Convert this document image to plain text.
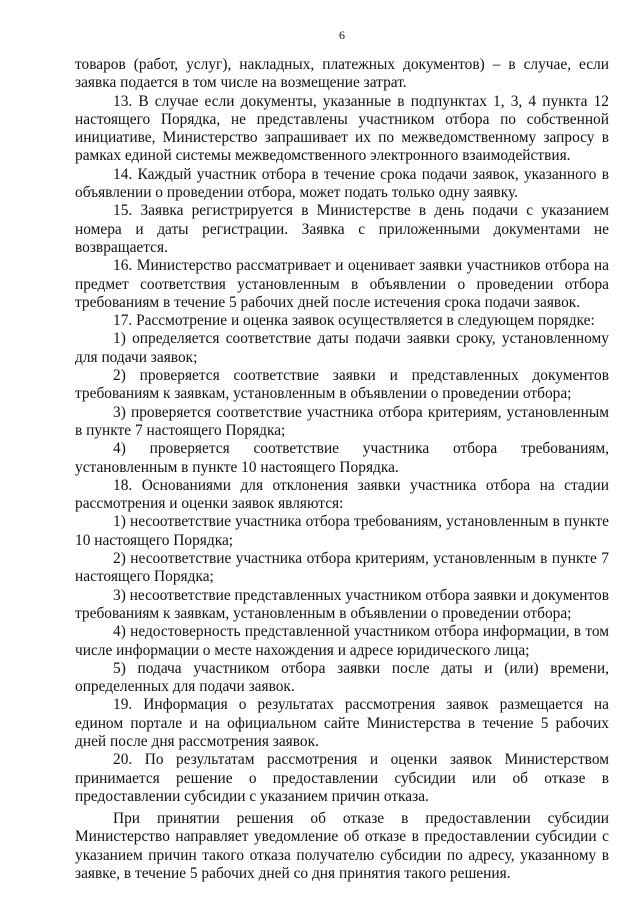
6

товаров (работ, услуг), накладных, платежных документов) – в случае, если заявка подается в том числе на возмещение затрат.

13. В случае если документы, указанные в подпунктах 1, 3, 4 пункта 12 настоящего Порядка, не представлены участником отбора по собственной инициативе, Министерство запрашивает их по межведомственному запросу в рамках единой системы межведомственного электронного взаимодействия.

14. Каждый участник отбора в течение срока подачи заявок, указанного в объявлении о проведении отбора, может подать только одну заявку.

15. Заявка регистрируется в Министерстве в день подачи с указанием номера и даты регистрации. Заявка с приложенными документами не возвращается.

16. Министерство рассматривает и оценивает заявки участников отбора на предмет соответствия установленным в объявлении о проведении отбора требованиям в течение 5 рабочих дней после истечения срока подачи заявок.

17. Рассмотрение и оценка заявок осуществляется в следующем порядке:

1) определяется соответствие даты подачи заявки сроку, установленному для подачи заявок;

2) проверяется соответствие заявки и представленных документов требованиям к заявкам, установленным в объявлении о проведении отбора;

3) проверяется соответствие участника отбора критериям, установленным в пункте 7 настоящего Порядка;

4) проверяется соответствие участника отбора требованиям, установленным в пункте 10 настоящего Порядка.

18. Основаниями для отклонения заявки участника отбора на стадии рассмотрения и оценки заявок являются:

1) несоответствие участника отбора требованиям, установленным в пункте 10 настоящего Порядка;

2) несоответствие участника отбора критериям, установленным в пункте 7 настоящего Порядка;

3) несоответствие представленных участником отбора заявки и документов требованиям к заявкам, установленным в объявлении о проведении отбора;

4) недостоверность представленной участником отбора информации, в том числе информации о месте нахождения и адресе юридического лица;

5) подача участником отбора заявки после даты и (или) времени, определенных для подачи заявок.

19. Информация о результатах рассмотрения заявок размещается на едином портале и на официальном сайте Министерства в течение 5 рабочих дней после дня рассмотрения заявок.

20. По результатам рассмотрения и оценки заявок Министерством принимается решение о предоставлении субсидии или об отказе в предоставлении субсидии с указанием причин отказа.

При принятии решения об отказе в предоставлении субсидии Министерство направляет уведомление об отказе в предоставлении субсидии с указанием причин такого отказа получателю субсидии по адресу, указанному в заявке, в течение 5 рабочих дней со дня принятия такого решения.
